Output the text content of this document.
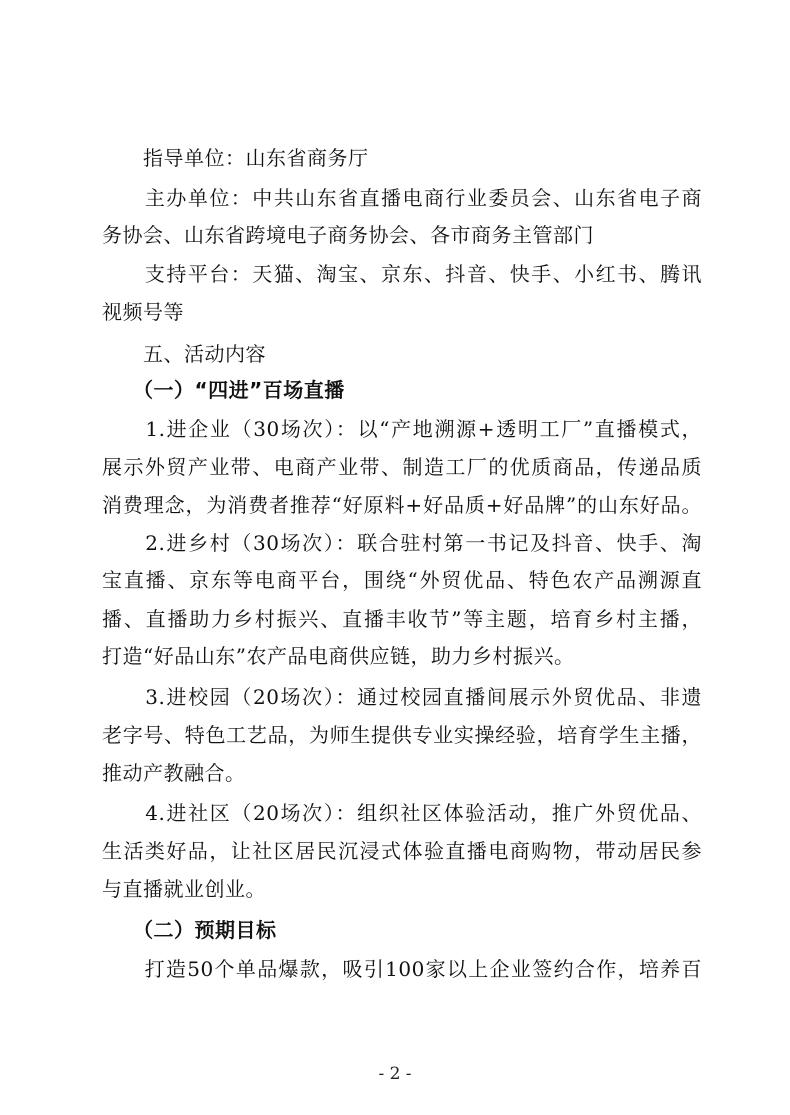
　　指导单位：山东省商务厅
　　主办单位：中共山东省直播电商行业委员会、山东省电子商
务协会、山东省跨境电子商务协会、各市商务主管部门
　　支持平台：天猫、淘宝、京东、抖音、快手、小红书、腾讯
视频号等
　　五、活动内容
　　（一）“四进”百场直播
　　1.进企业（30场次）：以“产地溯源+透明工厂”直播模式，
展示外贸产业带、电商产业带、制造工厂的优质商品，传递品质
消费理念，为消费者推荐“好原料+好品质+好品牌”的山东好品。
　　2.进乡村（30场次）：联合驻村第一书记及抖音、快手、淘
宝直播、京东等电商平台，围绕“外贸优品、特色农产品溯源直
播、直播助力乡村振兴、直播丰收节”等主题，培育乡村主播，
打造“好品山东”农产品电商供应链，助力乡村振兴。
　　3.进校园（20场次）：通过校园直播间展示外贸优品、非遗
老字号、特色工艺品，为师生提供专业实操经验，培育学生主播，
推动产教融合。
　　4.进社区（20场次）：组织社区体验活动，推广外贸优品、
生活类好品，让社区居民沉浸式体验直播电商购物，带动居民参
与直播就业创业。
　　（二）预期目标
　　打造50个单品爆款，吸引100家以上企业签约合作，培养百
- 2 -
